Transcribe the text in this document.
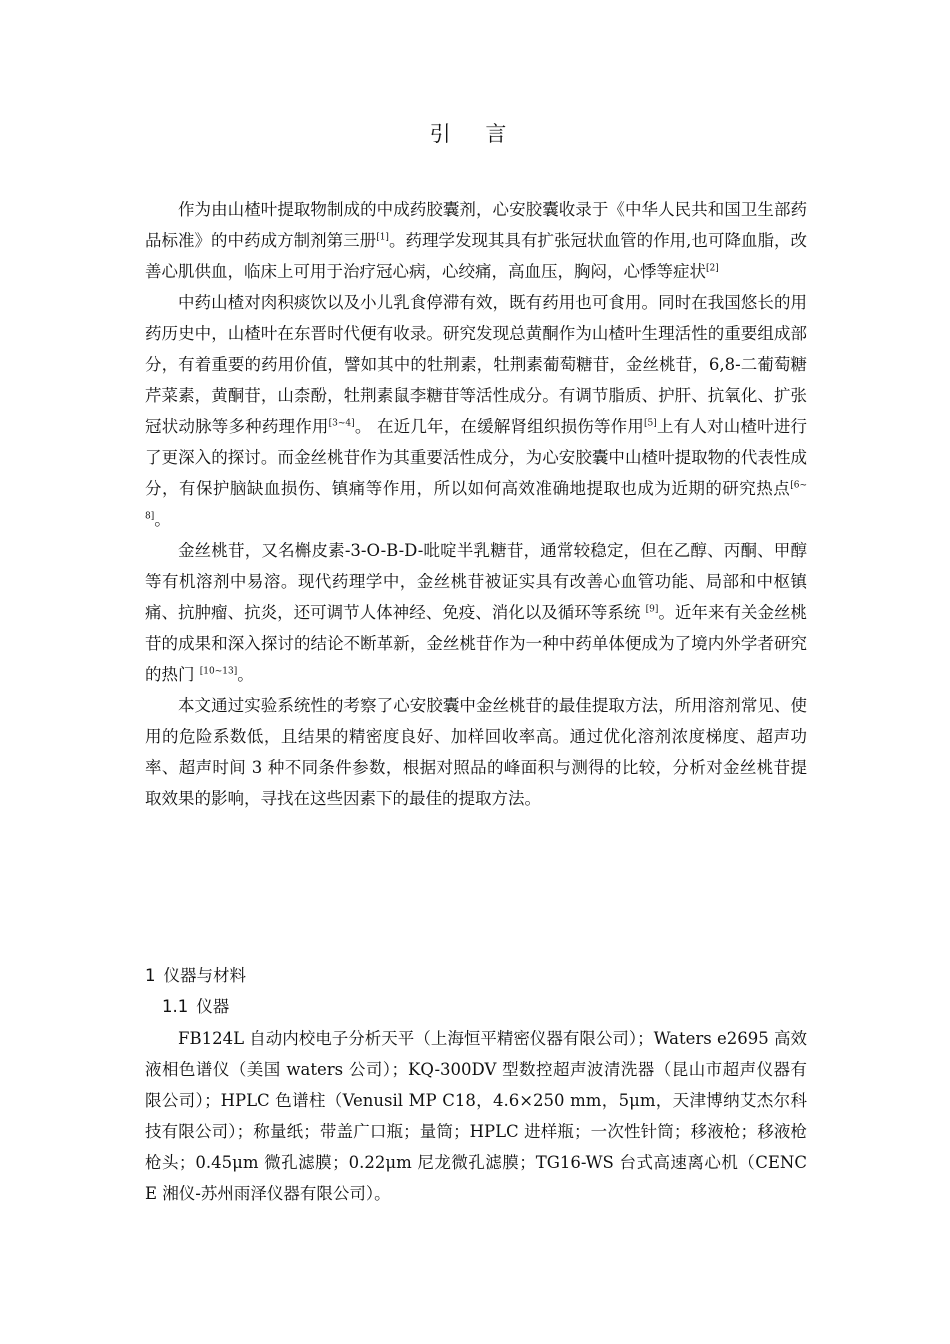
引 言

作为由山楂叶提取物制成的中成药胶囊剂，心安胶囊收录于《中华人民共和国卫生部药品标准》的中药成方制剂第三册[1]。药理学发现其具有扩张冠状血管的作用,也可降血脂，改善心肌供血，临床上可用于治疗冠心病，心绞痛，高血压，胸闷，心悸等症状[2]

中药山楂对肉积痰饮以及小儿乳食停滞有效，既有药用也可食用。同时在我国悠长的用药历史中，山楂叶在东晋时代便有收录。研究发现总黄酮作为山楂叶生理活性的重要组成部分，有着重要的药用价值，譬如其中的牡荆素，牡荆素葡萄糖苷，金丝桃苷，6,8-二葡萄糖芹菜素，黄酮苷，山柰酚，牡荆素鼠李糖苷等活性成分。有调节脂质、护肝、抗氧化、扩张冠状动脉等多种药理作用[3~4]。 在近几年，在缓解肾组织损伤等作用[5]上有人对山楂叶进行了更深入的探讨。而金丝桃苷作为其重要活性成分，为心安胶囊中山楂叶提取物的代表性成分，有保护脑缺血损伤、镇痛等作用，所以如何高效准确地提取也成为近期的研究热点[6~8]。

金丝桃苷，又名槲皮素-3-O-B-D-吡啶半乳糖苷，通常较稳定，但在乙醇、丙酮、甲醇等有机溶剂中易溶。现代药理学中，金丝桃苷被证实具有改善心血管功能、局部和中枢镇痛、抗肿瘤、抗炎，还可调节人体神经、免疫、消化以及循环等系统 [9]。近年来有关金丝桃苷的成果和深入探讨的结论不断革新，金丝桃苷作为一种中药单体便成为了境内外学者研究的热门 [10~13]。

本文通过实验系统性的考察了心安胶囊中金丝桃苷的最佳提取方法，所用溶剂常见、使用的危险系数低，且结果的精密度良好、加样回收率高。通过优化溶剂浓度梯度、超声功率、超声时间 3 种不同条件参数，根据对照品的峰面积与测得的比较，分析对金丝桃苷提取效果的影响，寻找在这些因素下的最佳的提取方法。

1 仪器与材料
1.1 仪器

FB124L 自动内校电子分析天平（上海恒平精密仪器有限公司）；Waters e2695 高效液相色谱仪（美国 waters 公司）；KQ-300DV 型数控超声波清洗器（昆山市超声仪器有限公司）；HPLC 色谱柱（Venusil MP C18，4.6×250 mm，5μm，天津博纳艾杰尔科技有限公司）；称量纸；带盖广口瓶；量筒；HPLC 进样瓶；一次性针筒；移液枪；移液枪枪头；0.45μm 微孔滤膜；0.22μm 尼龙微孔滤膜；TG16-WS 台式高速离心机（CENCE 湘仪-苏州雨泽仪器有限公司）。
